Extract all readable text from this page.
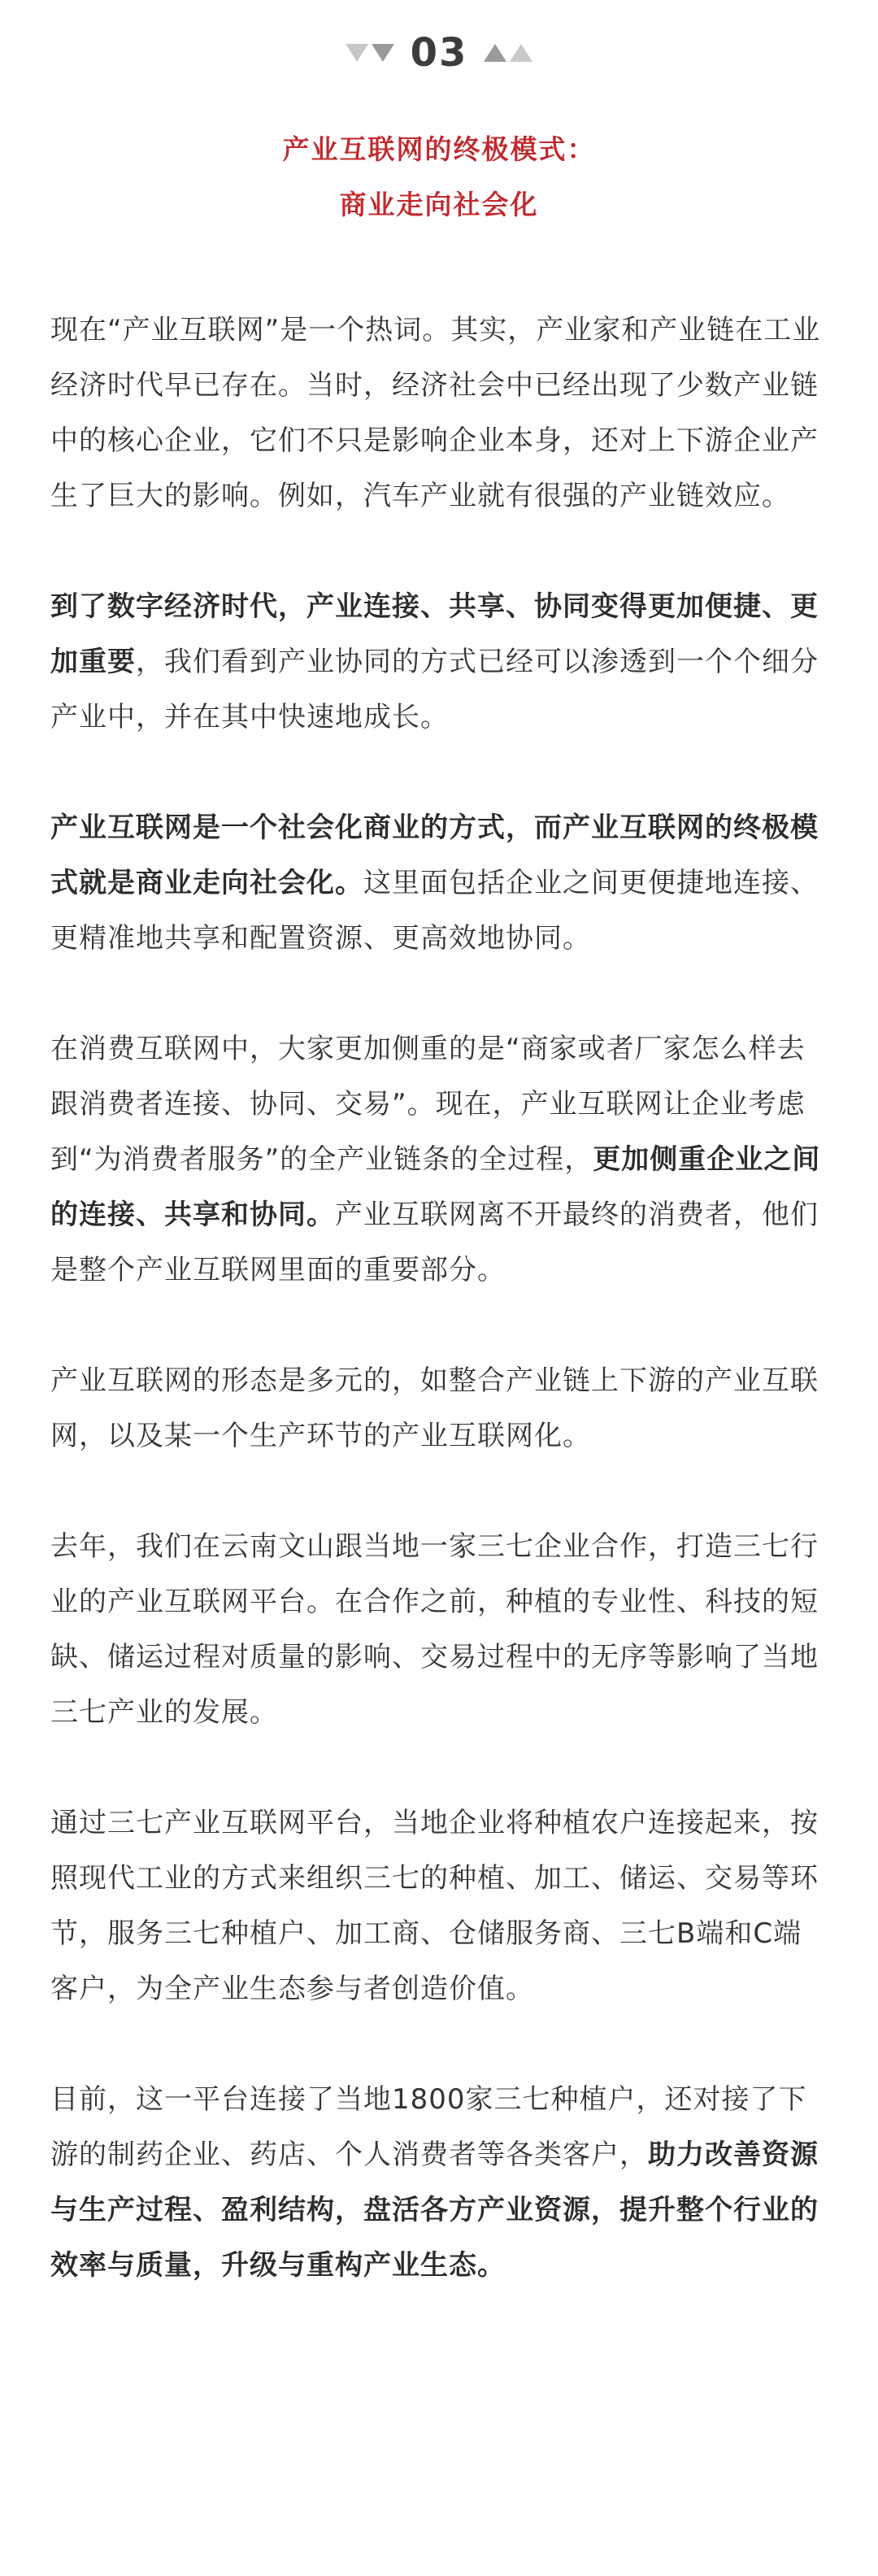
03
产业互联网的终极模式：
商业走向社会化

现在“产业互联网”是一个热词。其实，产业家和产业链在工业经济时代早已存在。当时，经济社会中已经出现了少数产业链中的核心企业，它们不只是影响企业本身，还对上下游企业产生了巨大的影响。例如，汽车产业就有很强的产业链效应。

到了数字经济时代，产业连接、共享、协同变得更加便捷、更加重要，我们看到产业协同的方式已经可以渗透到一个个细分产业中，并在其中快速地成长。

产业互联网是一个社会化商业的方式，而产业互联网的终极模式就是商业走向社会化。这里面包括企业之间更便捷地连接、更精准地共享和配置资源、更高效地协同。

在消费互联网中，大家更加侧重的是“商家或者厂家怎么样去跟消费者连接、协同、交易”。现在，产业互联网让企业考虑到“为消费者服务”的全产业链条的全过程，更加侧重企业之间的连接、共享和协同。产业互联网离不开最终的消费者，他们是整个产业互联网里面的重要部分。

产业互联网的形态是多元的，如整合产业链上下游的产业互联网，以及某一个生产环节的产业互联网化。

去年，我们在云南文山跟当地一家三七企业合作，打造三七行业的产业互联网平台。在合作之前，种植的专业性、科技的短缺、储运过程对质量的影响、交易过程中的无序等影响了当地三七产业的发展。

通过三七产业互联网平台，当地企业将种植农户连接起来，按照现代工业的方式来组织三七的种植、加工、储运、交易等环节，服务三七种植户、加工商、仓储服务商、三七B端和C端客户，为全产业生态参与者创造价值。

目前，这一平台连接了当地1800家三七种植户，还对接了下游的制药企业、药店、个人消费者等各类客户，助力改善资源与生产过程、盈利结构，盘活各方产业资源，提升整个行业的效率与质量，升级与重构产业生态。
